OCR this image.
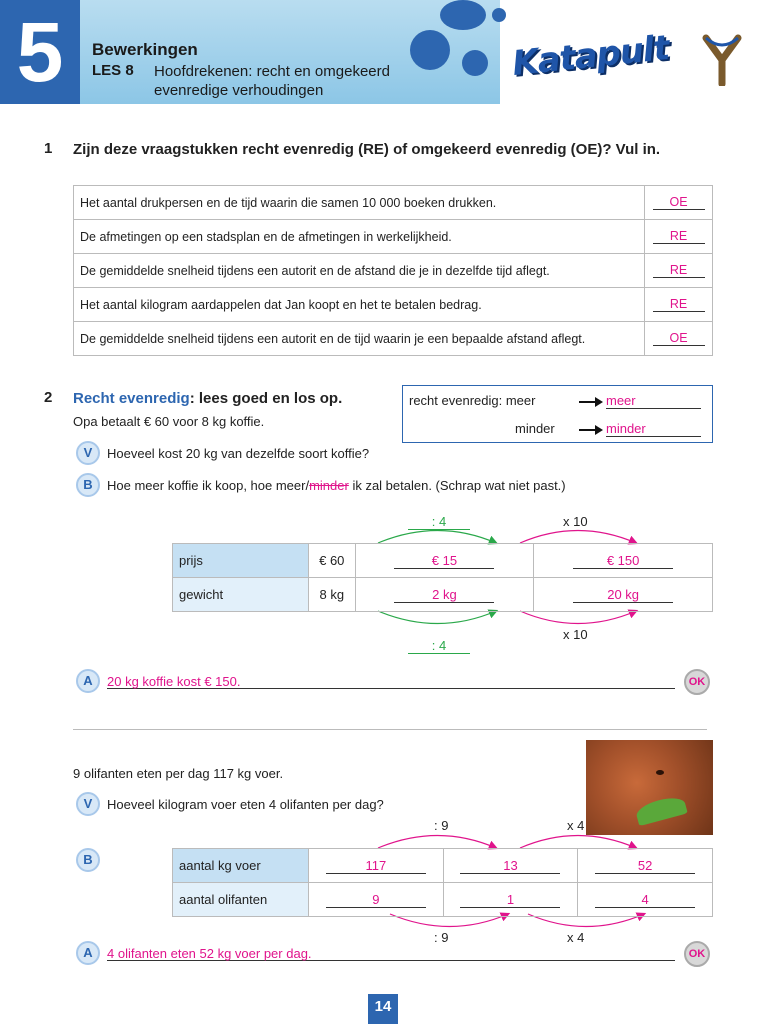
5	Bewerkingen
LES 8 Hoofdrekenen: recht en omgekeerd evenredige verhoudingen
Katapult
1 Zijn deze vraagstukken recht evenredig (RE) of omgekeerd evenredig (OE)? Vul in.
Het aantal drukpersen en de tijd waarin die samen 10 000 boeken drukken.	OE
De afmetingen op een stadsplan en de afmetingen in werkelijkheid.	RE
De gemiddelde snelheid tijdens een autorit en de afstand die je in dezelfde tijd aflegt.	RE
Het aantal kilogram aardappelen dat Jan koopt en het te betalen bedrag.	RE
De gemiddelde snelheid tijdens een autorit en de tijd waarin je een bepaalde afstand aflegt.	OE
2 Recht evenredig: lees goed en los op.
Opa betaalt € 60 voor 8 kg koffie.
recht evenredig: meer	meer
minder	minder
V	Hoeveel kost 20 kg van dezelfde soort koffie?
B	Hoe meer koffie ik koop, hoe meer/minder ik zal betalen. (Schrap wat niet past.)
: 4	x 10
prijs	€ 60	€ 15	€ 150
gewicht	8 kg	2 kg	20 kg
x 10
: 4
A	20 kg koffie kost € 150.	OK
9 olifanten eten per dag 117 kg voer.
V	Hoeveel kilogram voer eten 4 olifanten per dag?
: 9	x 4
B	aantal kg voer	117	13	52
aantal olifanten	9	1	4
: 9	x 4
A	4 olifanten eten 52 kg voer per dag.	OK
14
